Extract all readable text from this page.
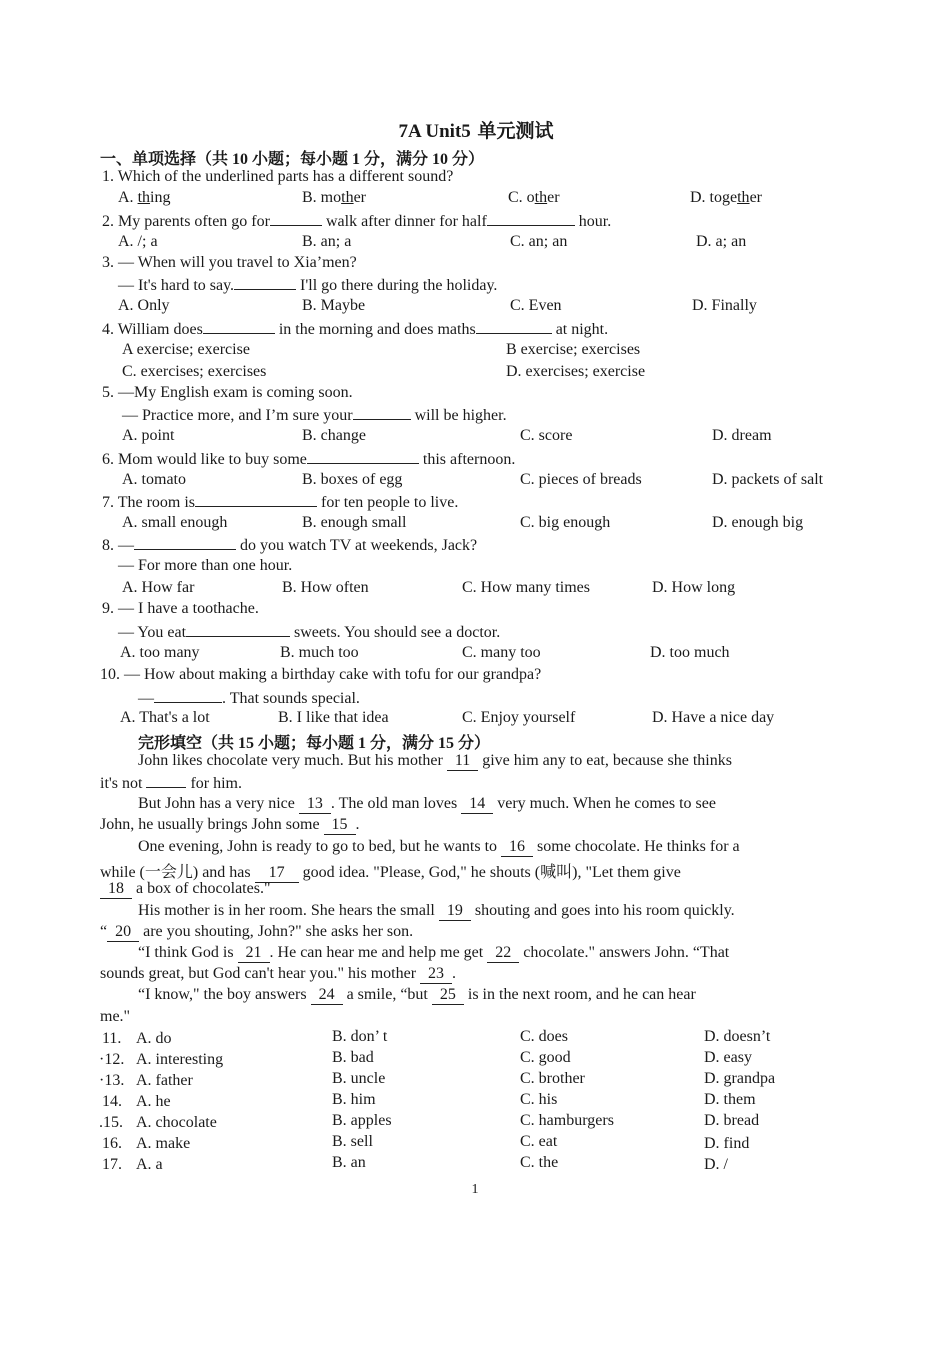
7A Unit5 单元测试
一、单项选择（共 10 小题；每小题 1 分，满分 10 分）
1. Which of the underlined parts has a different sound?
A. thing	B. mother	C. other	D. together
2. My parents often go for	walk after dinner for half	hour.
A. /; a	B. an; a	C. an; an	D. a; an
3. — When will you travel to Xia’men?
— It's hard to say.	I'll go there during the holiday.
A. Only	B. Maybe	C. Even	D. Finally
4. William does	in the morning and does maths	at night.
A exercise; exercise	B exercise; exercises
C. exercises; exercises	D. exercises; exercise
5. —My English exam is coming soon.
— Practice more, and I’m sure your	will be higher.
A. point	B. change	C. score	D. dream
6. Mom would like to buy some	this afternoon.
A. tomato	B. boxes of egg	C. pieces of breads	D. packets of salt
7. The room is	for ten people to live.
A. small enough	B. enough small	C. big enough	D. enough big
8. —	do you watch TV at weekends, Jack?
— For more than one hour.
A. How far	B. How often	C. How many times	D. How long
9. — I have a toothache.
— You eat	sweets. You should see a doctor.
A. too many	B. much too	C. many too	D. too much
10. — How about making a birthday cake with tofu for our grandpa?
—	. That sounds special.
A. That's a lot	B. I like that idea	C. Enjoy yourself	D. Have a nice day
完形填空（共 15 小题；每小题 1 分，满分 15 分）
John likes chocolate very much. But his mother 11 give him any to eat, because she thinks
it's not	for him.
But John has a very nice 13 . The old man loves 14 very much. When he comes to see
John, he usually brings John some 15 .
One evening, John is ready to go to bed, but he wants to 16 some chocolate. He thinks for a
while (一会儿) and has 17 good idea. "Please, God," he shouts (喊叫), "Let them give
18 a box of chocolates."
His mother is in her room. She hears the small 19 shouting and goes into his room quickly.
“ 20 are you shouting, John?" she asks her son.
“I think God is 21 . He can hear me and help me get 22 chocolate." answers John. “That
sounds great, but God can't hear you." his mother 23 .
“I know," the boy answers 24 a smile, “but 25 is in the next room, and he can hear
me."
11. A. do	B. don’ t	C. does	D. doesn’t
·12. A. interesting	B. bad	C. good	D. easy
·13. A. father	B. uncle	C. brother	D. grandpa
14. A. he	B. him	C. his	D. them
.15. A. chocolate	B. apples	C. hamburgers	D. bread
16. A. make	B. sell	C. eat	D. find
17. A. a	B. an	C. the	D. /
1
